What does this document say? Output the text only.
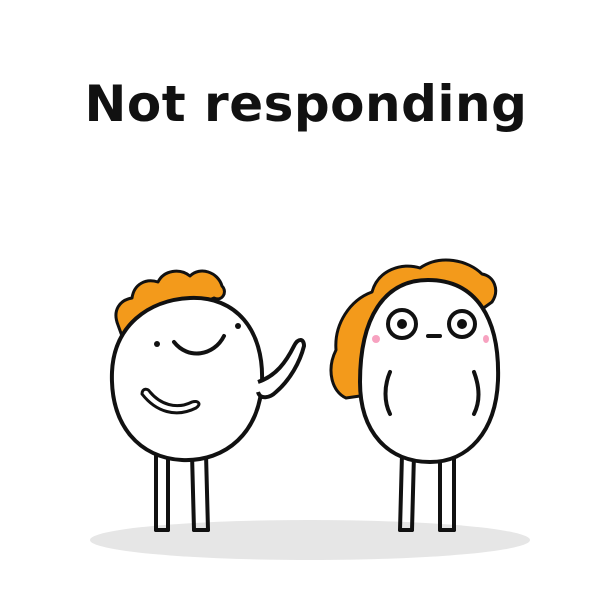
Not responding
